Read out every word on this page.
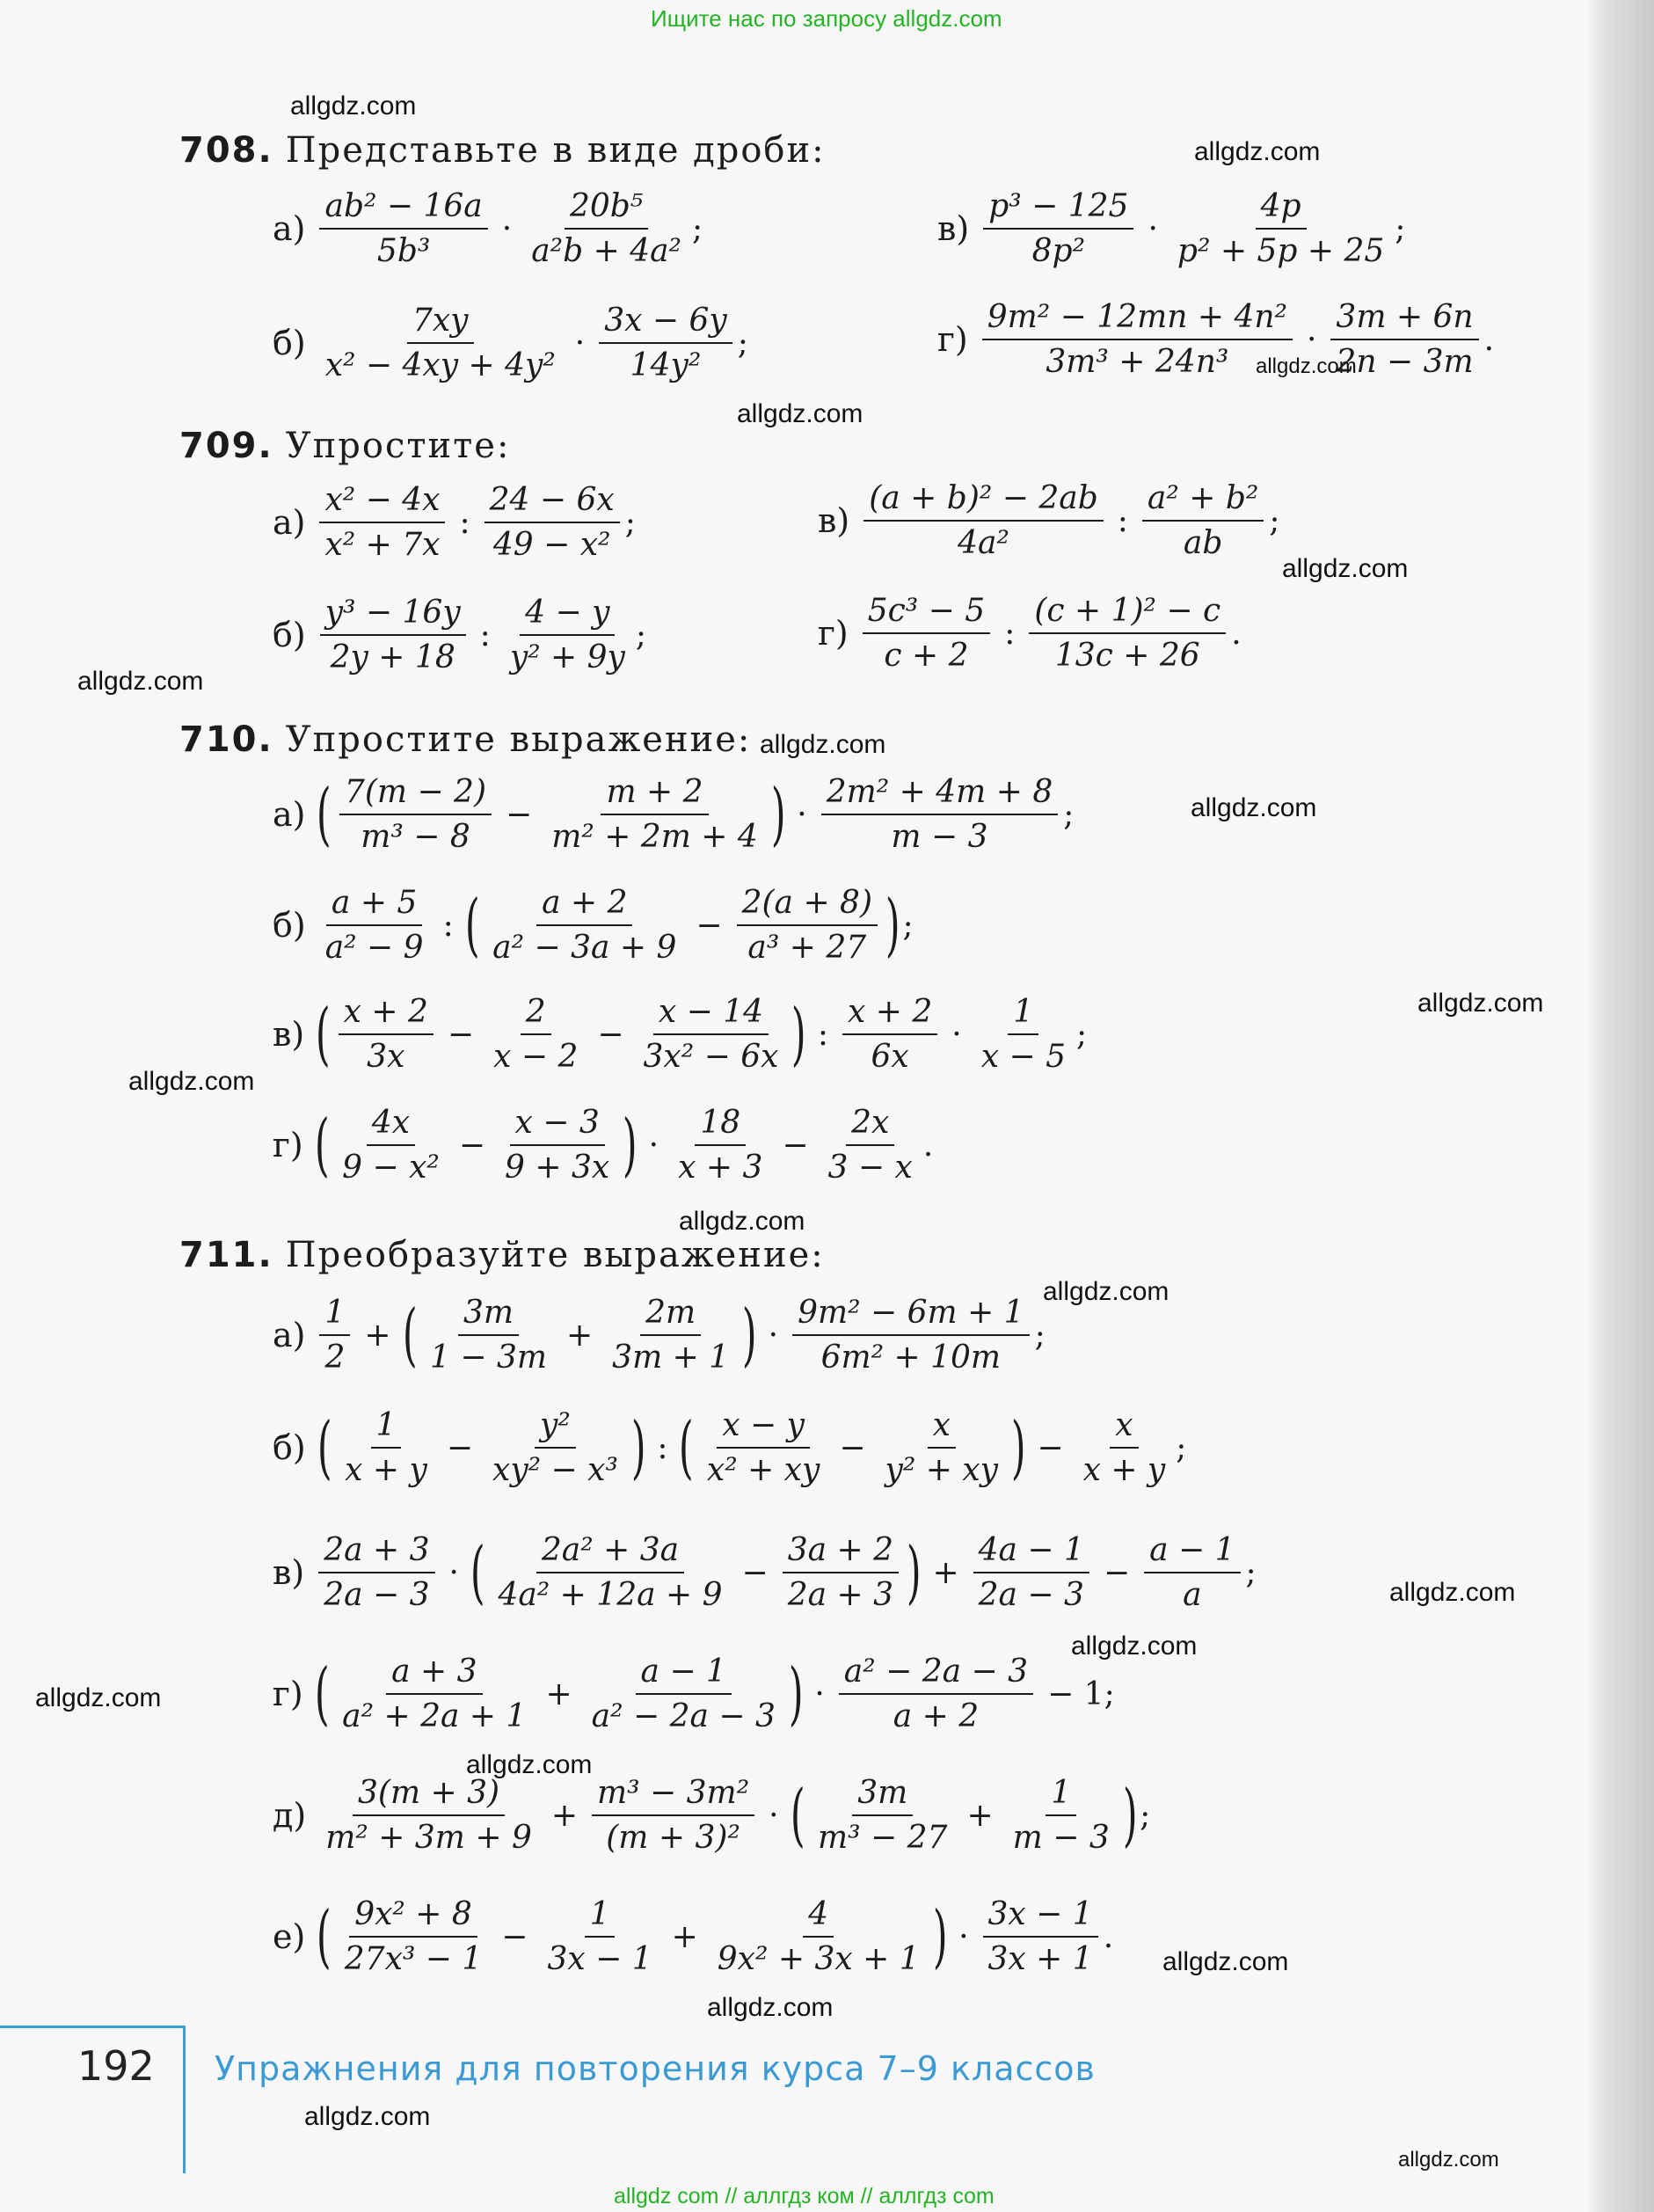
Ищите нас по запросу allgdz.com
allgdz.com
allgdz.com
allgdz.com
allgdz.com
allgdz.com
allgdz.com
allgdz.com
allgdz.com
allgdz.com
allgdz.com
allgdz.com
allgdz.com
allgdz.com
allgdz.com
allgdz.com
allgdz.com
allgdz.com
allgdz.com
allgdz.com
allgdz.com
allgdz com // аллгдз ком // аллгдз com
708. Представьте в виде дроби:
$а) \frac{\text{ab² − 16a}}{\text{5b³}} \cdot \frac{\text{20b⁵}}{\text{a²b + 4a²}}$ ;	$в) \frac{\text{p³ − 125}}{\text{8p²}} \cdot \frac{4p}{\text{p² + 5p + 25}}$ ;
$б) \frac{7xy}{\text{x² − 4xy + 4y²}} \cdot \frac{3x - 6y}{\text{14y²}}$ ;	$г) \frac{\text{9m² − 12mn + 4n²}}{\text{3m³ + 24n³}} \cdot \frac{3m + 6n}{2n - 3m}$ .
709. Упростите:
$а) \frac{\text{x² − 4x}}{\text{x² + 7x}}$ : $\frac{24 - 6x}{\text{49 − x²}}$ ;	$в) \frac{\text{(a + b)² − 2ab}}{\text{4a²}}$ : $\frac{\text{a² + b²}}{ab}$ ;
$б) \frac{\text{y³ − 16y}}{2y + 18}$ : $\frac{4 - y}{\text{y² + 9y}}$ ;	$г) \frac{\text{5c³ − 5}}{c + 2}$ : $\frac{\text{(c + 1)² − c}}{13c + 26}$ .
710. Упростите выражение:
а) ( $\frac{7(m - 2)}{\text{m³ − 8}} - \frac{m + 2}{\text{m² + 2m + 4}}$ ) · $\frac{\text{2m² + 4m + 8}}{m - 3}$ ;
$б) \frac{a + 5}{\text{a² − 9}}$ : ( $\frac{a + 2}{\text{a² − 3a + 9}} - \frac{2(a + 8)}{\text{a³ + 27}}$ ) ;
в) ( $\frac{x + 2}{3x} - \frac{2}{x - 2} - \frac{x - 14}{\text{3x² − 6x}}$ ) : $\frac{x + 2}{6x} \cdot \frac{1}{x - 5}$ ;
г) ( $\frac{4x}{\text{9 − x²}} - \frac{x - 3}{9 + 3x}$ ) · $\frac{18}{x + 3} - \frac{2x}{3 - x}$ .
711. Преобразуйте выражение:
$а) \frac{1}{2}$ + ( $\frac{3m}{1 - 3m} + \frac{2m}{3m + 1}$ ) · $\frac{\text{9m² − 6m + 1}}{\text{6m² + 10m}}$ ;
б) ( $\frac{1}{x + y} - \frac{\text{y²}}{\text{xy² − x³}}$ ) : ( $\frac{x - y}{\text{x² + xy}} - \frac{x}{\text{y² + xy}}$ ) − $\frac{x}{x + y}$ ;
$в) \frac{2a + 3}{2a - 3}$ · ( $\frac{\text{2a² + 3a}}{\text{4a² + 12a + 9}} - \frac{3a + 2}{2a + 3}$ ) + $\frac{4a - 1}{2a - 3} - \frac{a - 1}{a}$ ;
г) ( $\frac{a + 3}{\text{a² + 2a + 1}} + \frac{a - 1}{\text{a² − 2a − 3}}$ ) · $\frac{\text{a² − 2a − 3}}{a + 2} - 1$;
$д) \frac{3(m + 3)}{\text{m² + 3m + 9}} + \frac{\text{m³ − 3m²}}{\text{(m + 3)²}}$ · ( $\frac{3m}{\text{m³ − 27}} + \frac{1}{m - 3}$ ) ;
е) ( $\frac{\text{9x² + 8}}{\text{27x³ − 1}} - \frac{1}{3x - 1} + \frac{4}{\text{9x² + 3x + 1}}$ ) · $\frac{3x - 1}{3x + 1}$ .
192 Упражнения для повторения курса 7–9 классов
